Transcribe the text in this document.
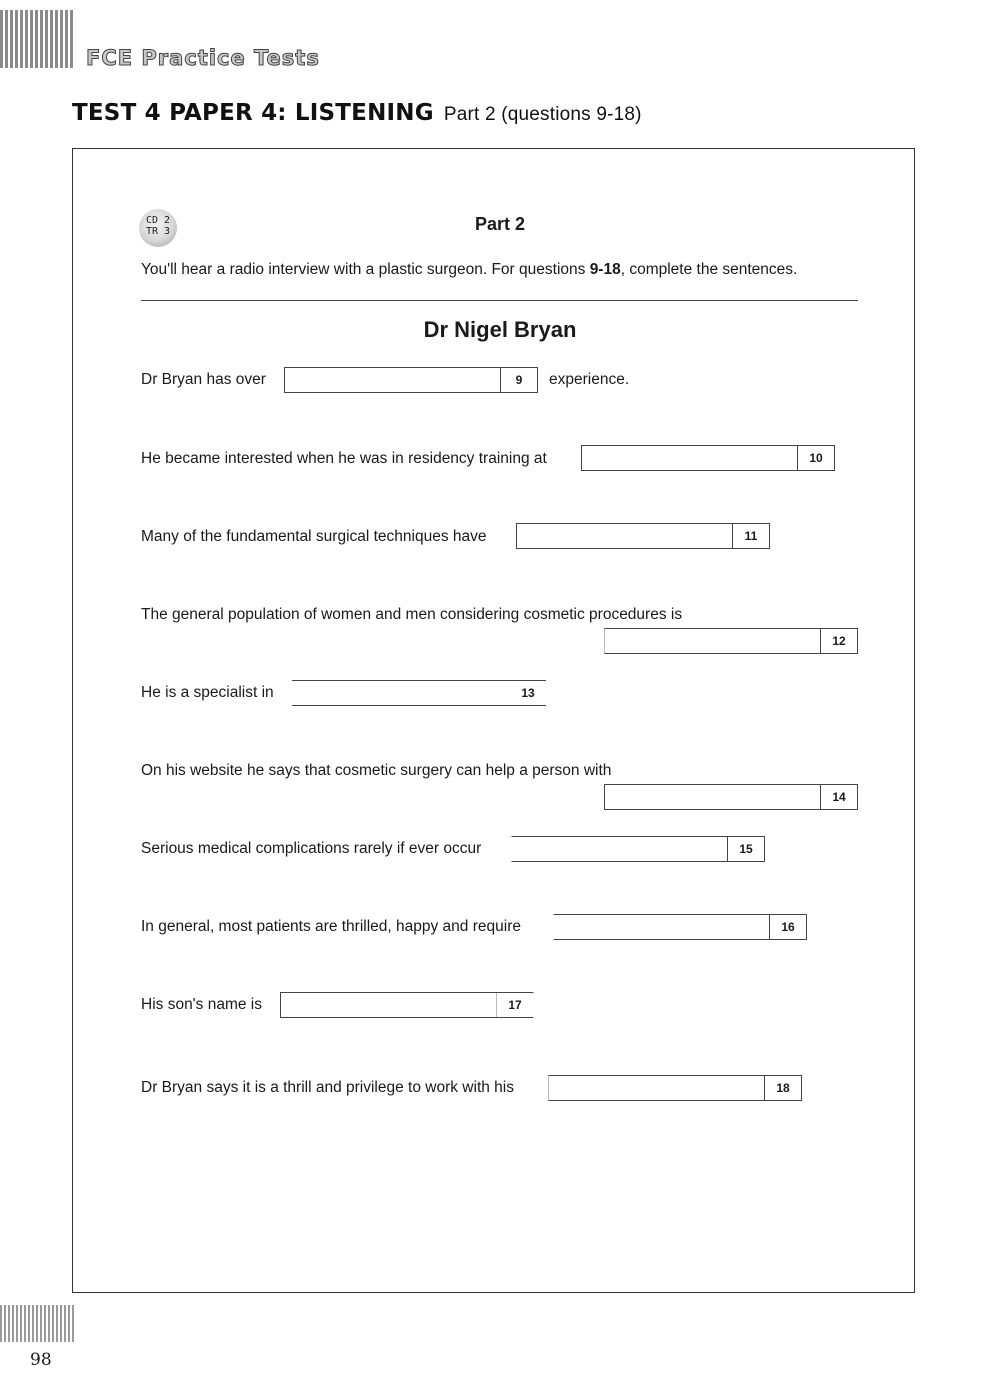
FCE Practice Tests
TEST 4 PAPER 4: LISTENING Part 2 (questions 9-18)
CD 2
TR 3	Part 2
You'll hear a radio interview with a plastic surgeon. For questions 9-18, complete the sentences.
Dr Nigel Bryan
Dr Bryan has over	9	experience.
He became interested when he was in residency training at	10
Many of the fundamental surgical techniques have	11
The general population of women and men considering cosmetic procedures is
12
He is a specialist in	13
On his website he says that cosmetic surgery can help a person with
14
Serious medical complications rarely if ever occur	15
In general, most patients are thrilled, happy and require	16
His son's name is	17
Dr Bryan says it is a thrill and privilege to work with his	18
98
